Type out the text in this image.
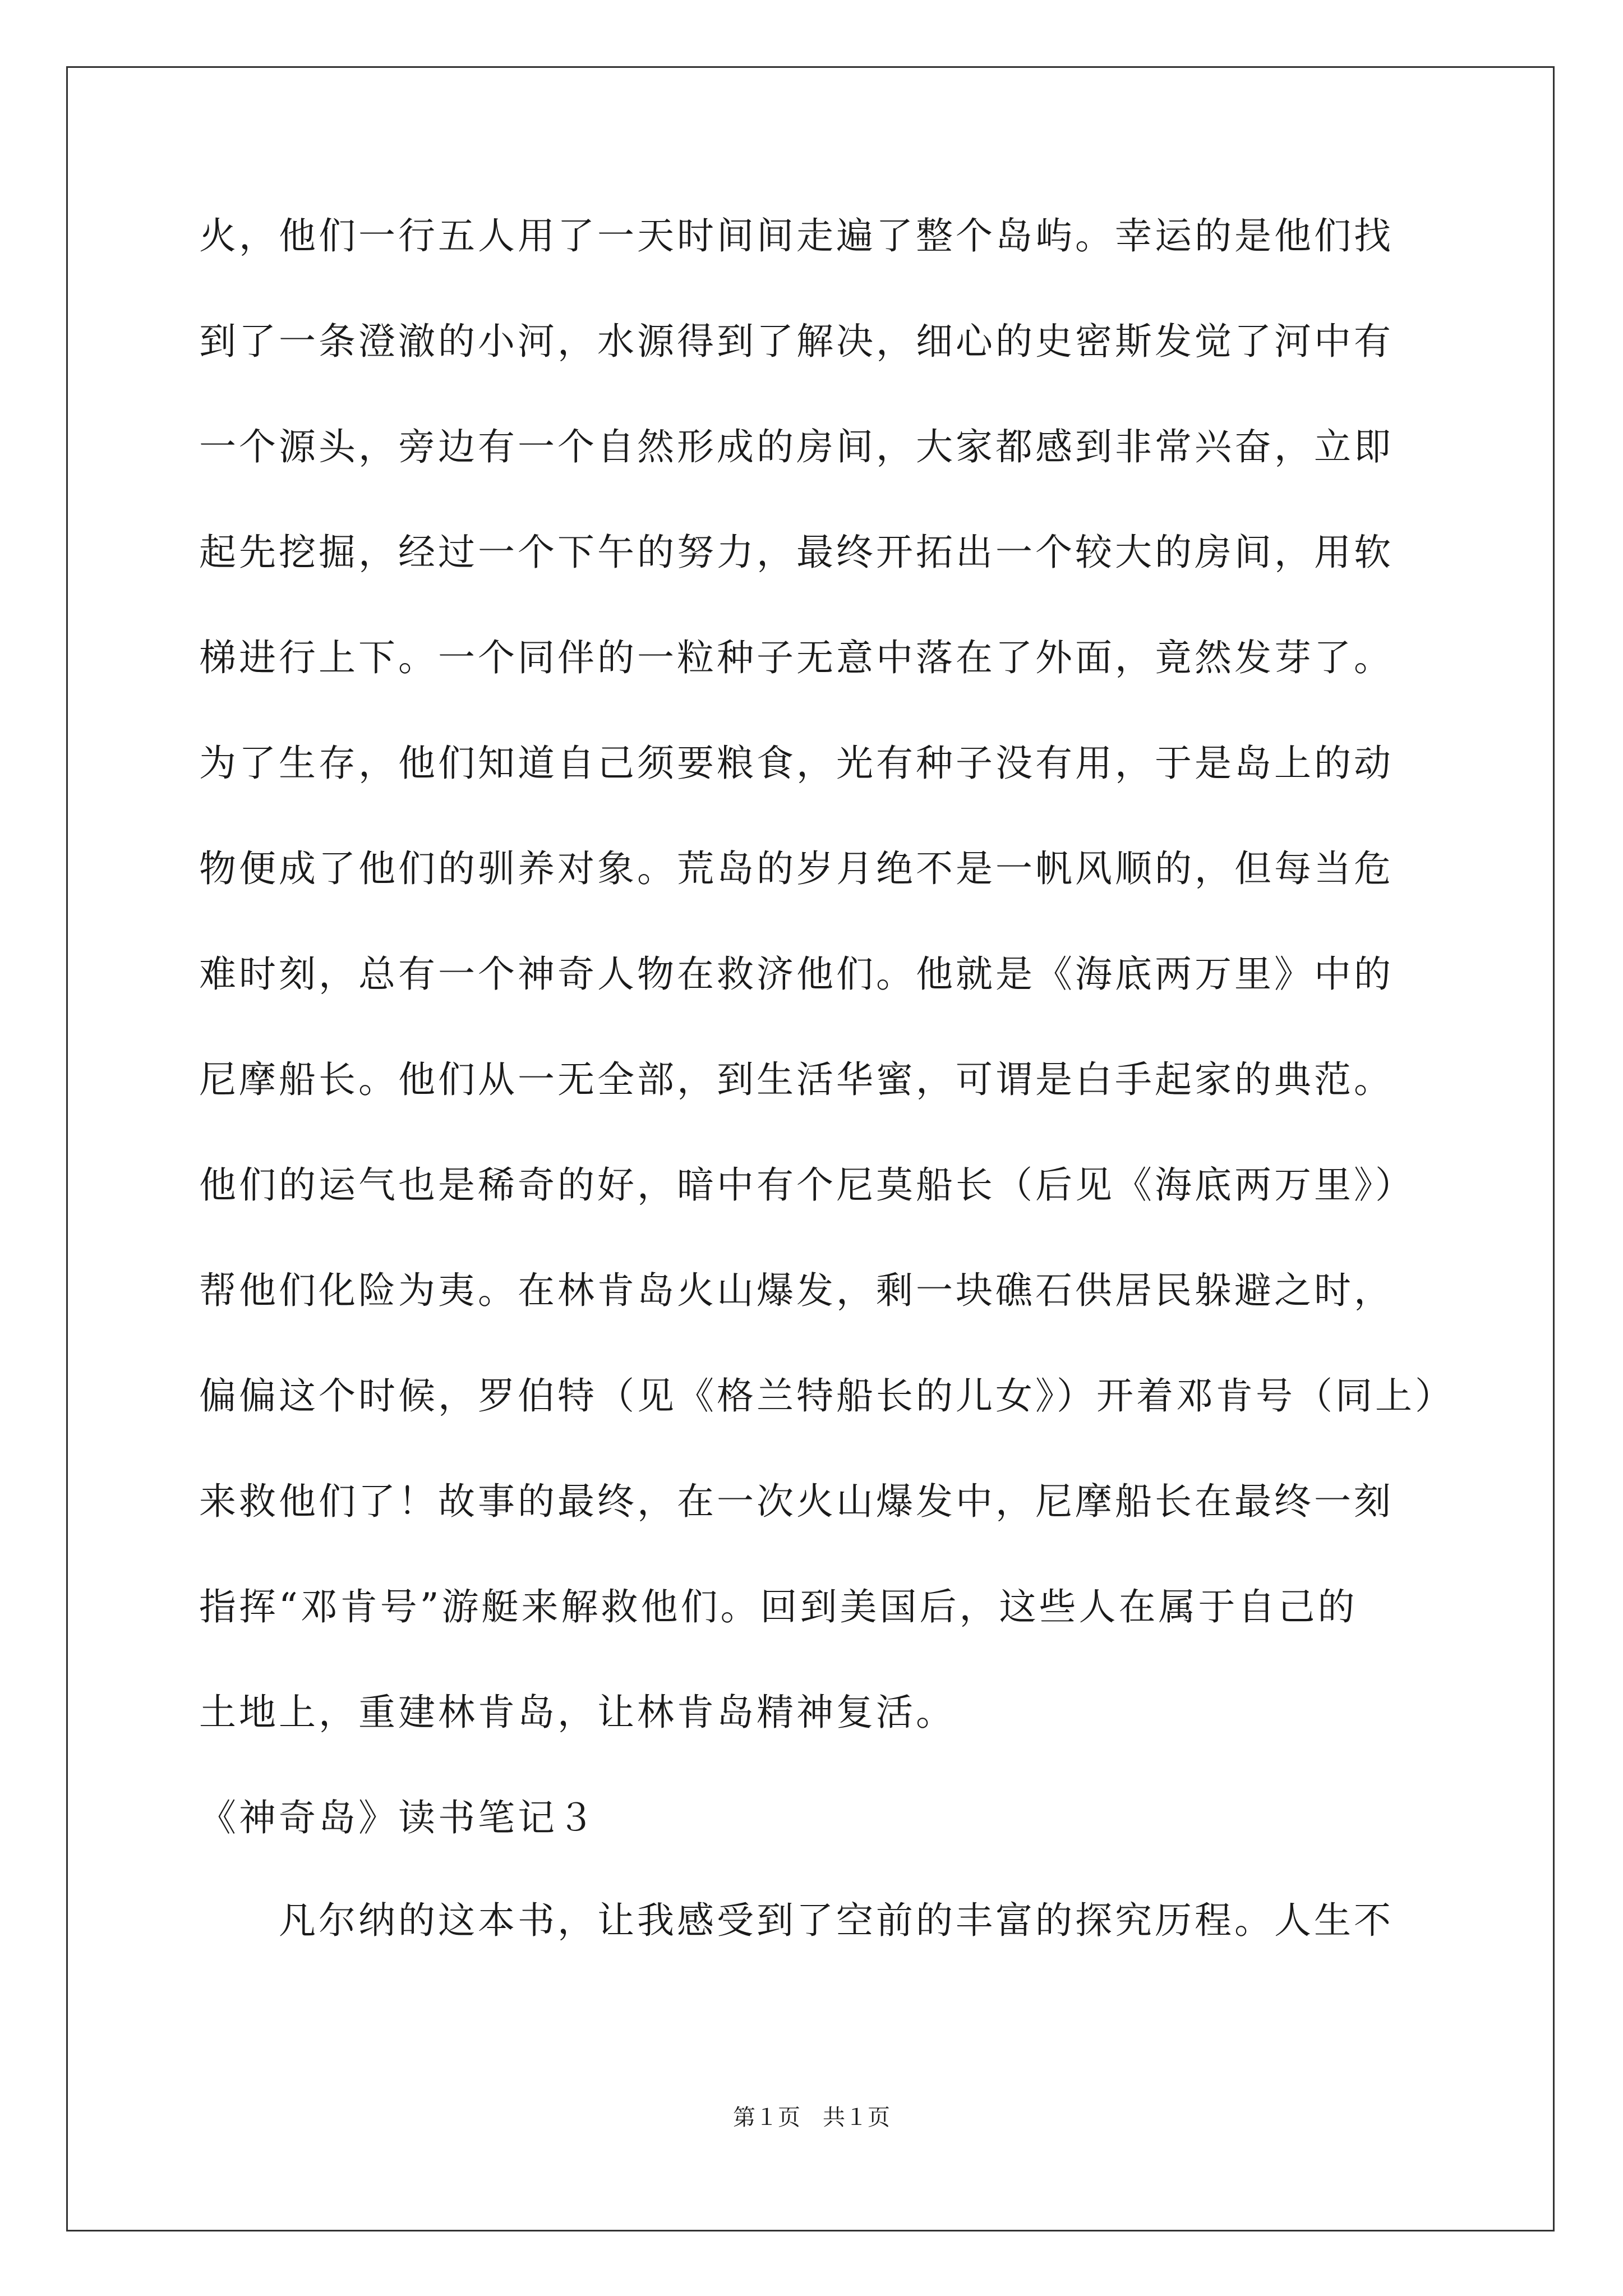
火，他们一行五人用了一天时间间走遍了整个岛屿。幸运的是他们找
到了一条澄澈的小河，水源得到了解决，细心的史密斯发觉了河中有
一个源头，旁边有一个自然形成的房间，大家都感到非常兴奋，立即
起先挖掘，经过一个下午的努力，最终开拓出一个较大的房间，用软
梯进行上下。一个同伴的一粒种子无意中落在了外面，竟然发芽了。
为了生存，他们知道自己须要粮食，光有种子没有用，于是岛上的动
物便成了他们的驯养对象。荒岛的岁月绝不是一帆风顺的，但每当危
难时刻，总有一个神奇人物在救济他们。他就是《海底两万里》中的
尼摩船长。他们从一无全部，到生活华蜜，可谓是白手起家的典范。
他们的运气也是稀奇的好，暗中有个尼莫船长（后见《海底两万里》）
帮他们化险为夷。在林肯岛火山爆发，剩一块礁石供居民躲避之时，
偏偏这个时候，罗伯特（见《格兰特船长的儿女》）开着邓肯号（同上）
来救他们了！故事的最终，在一次火山爆发中，尼摩船长在最终一刻
指挥“邓肯号”游艇来解救他们。回到美国后，这些人在属于自己的
土地上，重建林肯岛，让林肯岛精神复活。
《神奇岛》读书笔记３
凡尔纳的这本书，让我感受到了空前的丰富的探究历程。人生不
第１页　共１页
